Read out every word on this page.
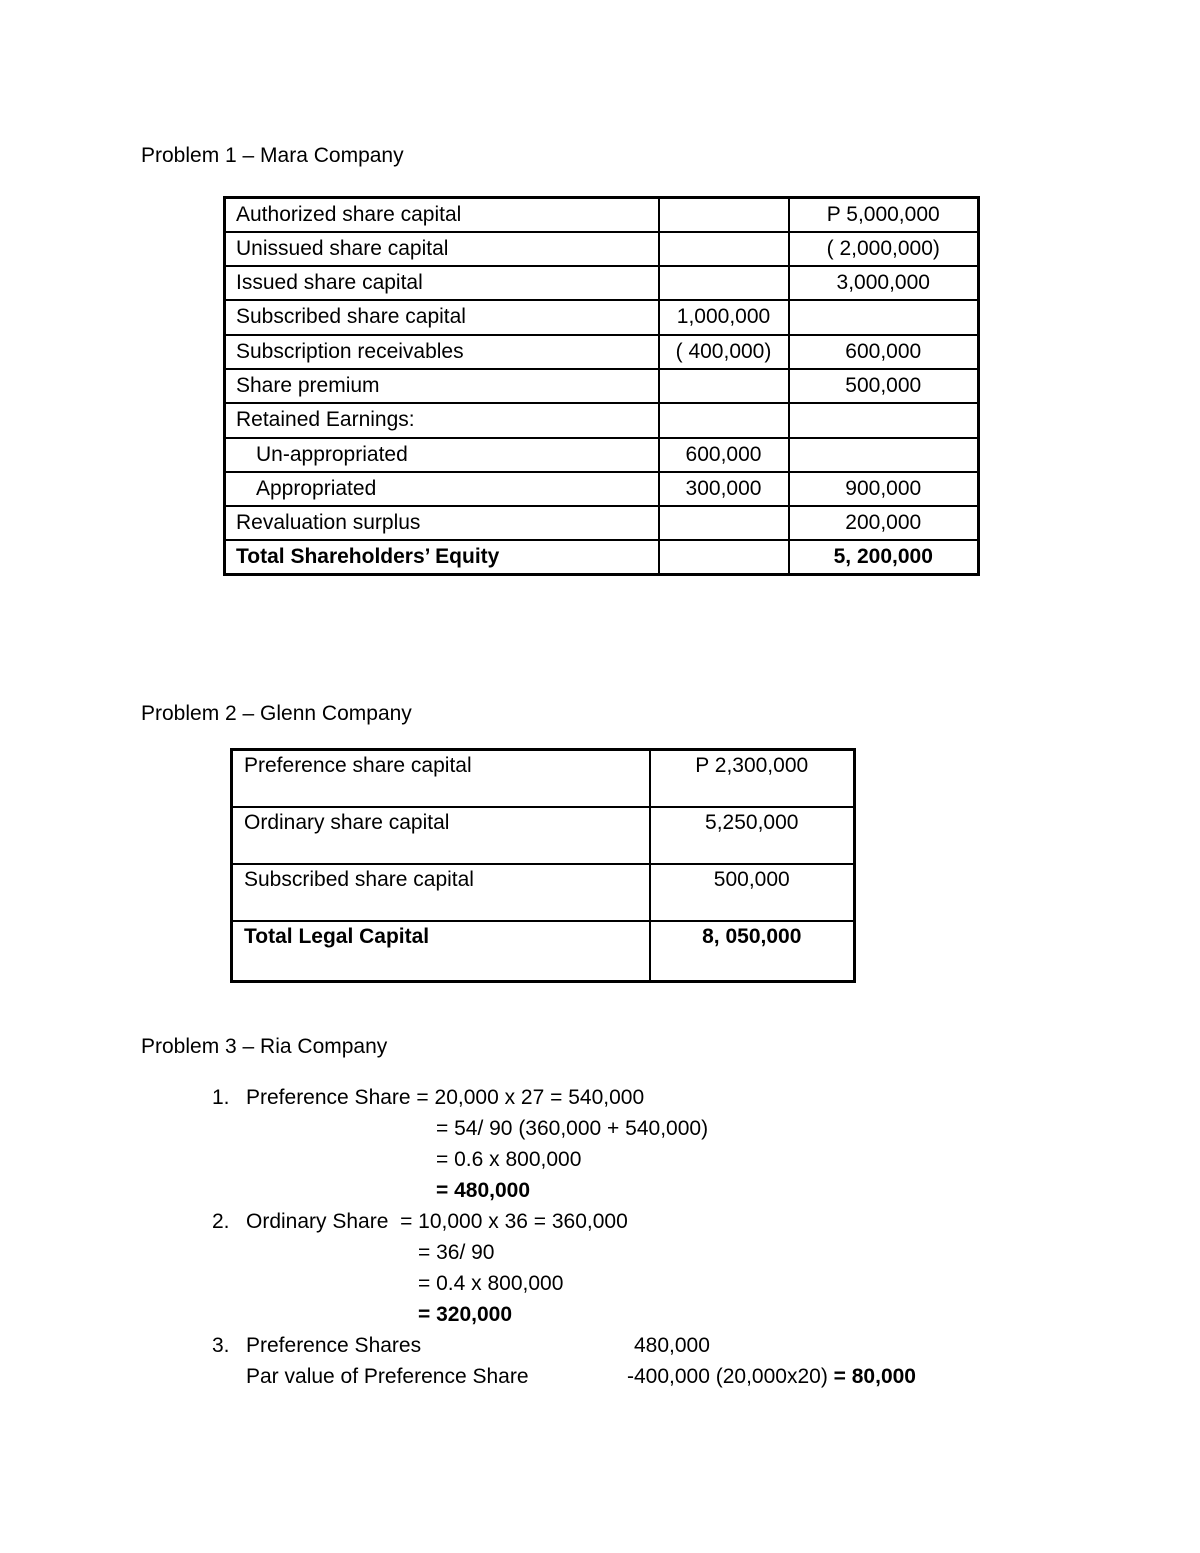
Problem 1 – Mara Company
Authorized share capital		P 5,000,000
Unissued share capital		( 2,000,000)
Issued share capital		3,000,000
Subscribed share capital	1,000,000	
Subscription receivables	( 400,000)	600,000
Share premium		500,000
Retained Earnings:		
Un-appropriated	600,000	
Appropriated	300,000	900,000
Revaluation surplus		200,000
Total Shareholders’ Equity		5, 200,000
Problem 2 – Glenn Company
Preference share capital	P 2,300,000
Ordinary share capital	5,250,000
Subscribed share capital	500,000
Total Legal Capital	8, 050,000
Problem 3 – Ria Company
1. Preference Share = 20,000 x 27 = 540,000
= 54/ 90 (360,000 + 540,000)
= 0.6 x 800,000
= 480,000
2. Ordinary Share  = 10,000 x 36 = 360,000
= 36/ 90
= 0.4 x 800,000
= 320,000
3. Preference Shares	480,000
Par value of Preference Share	-400,000 (20,000x20) = 80,000
